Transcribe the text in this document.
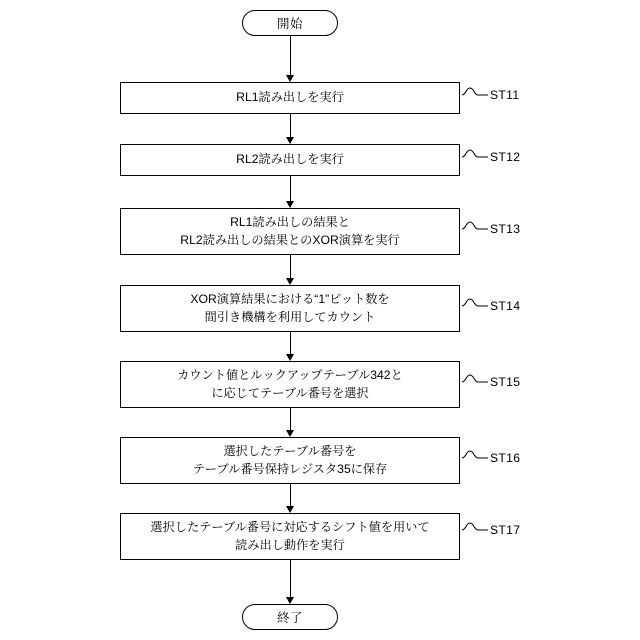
開始
RL1読み出しを実行	ST11
RL2読み出しを実行	ST12
RL1読み出しの結果と
RL2読み出しの結果とのXOR演算を実行
ST13
XOR演算結果における“1”ビット数を
間引き機構を利用してカウント
ST14
カウント値とルックアップテーブル342と
に応じてテーブル番号を選択
ST15
選択したテーブル番号を
テーブル番号保持レジスタ35に保存
ST16
選択したテーブル番号に対応するシフト値を用いて
読み出し動作を実行
ST17
終了
